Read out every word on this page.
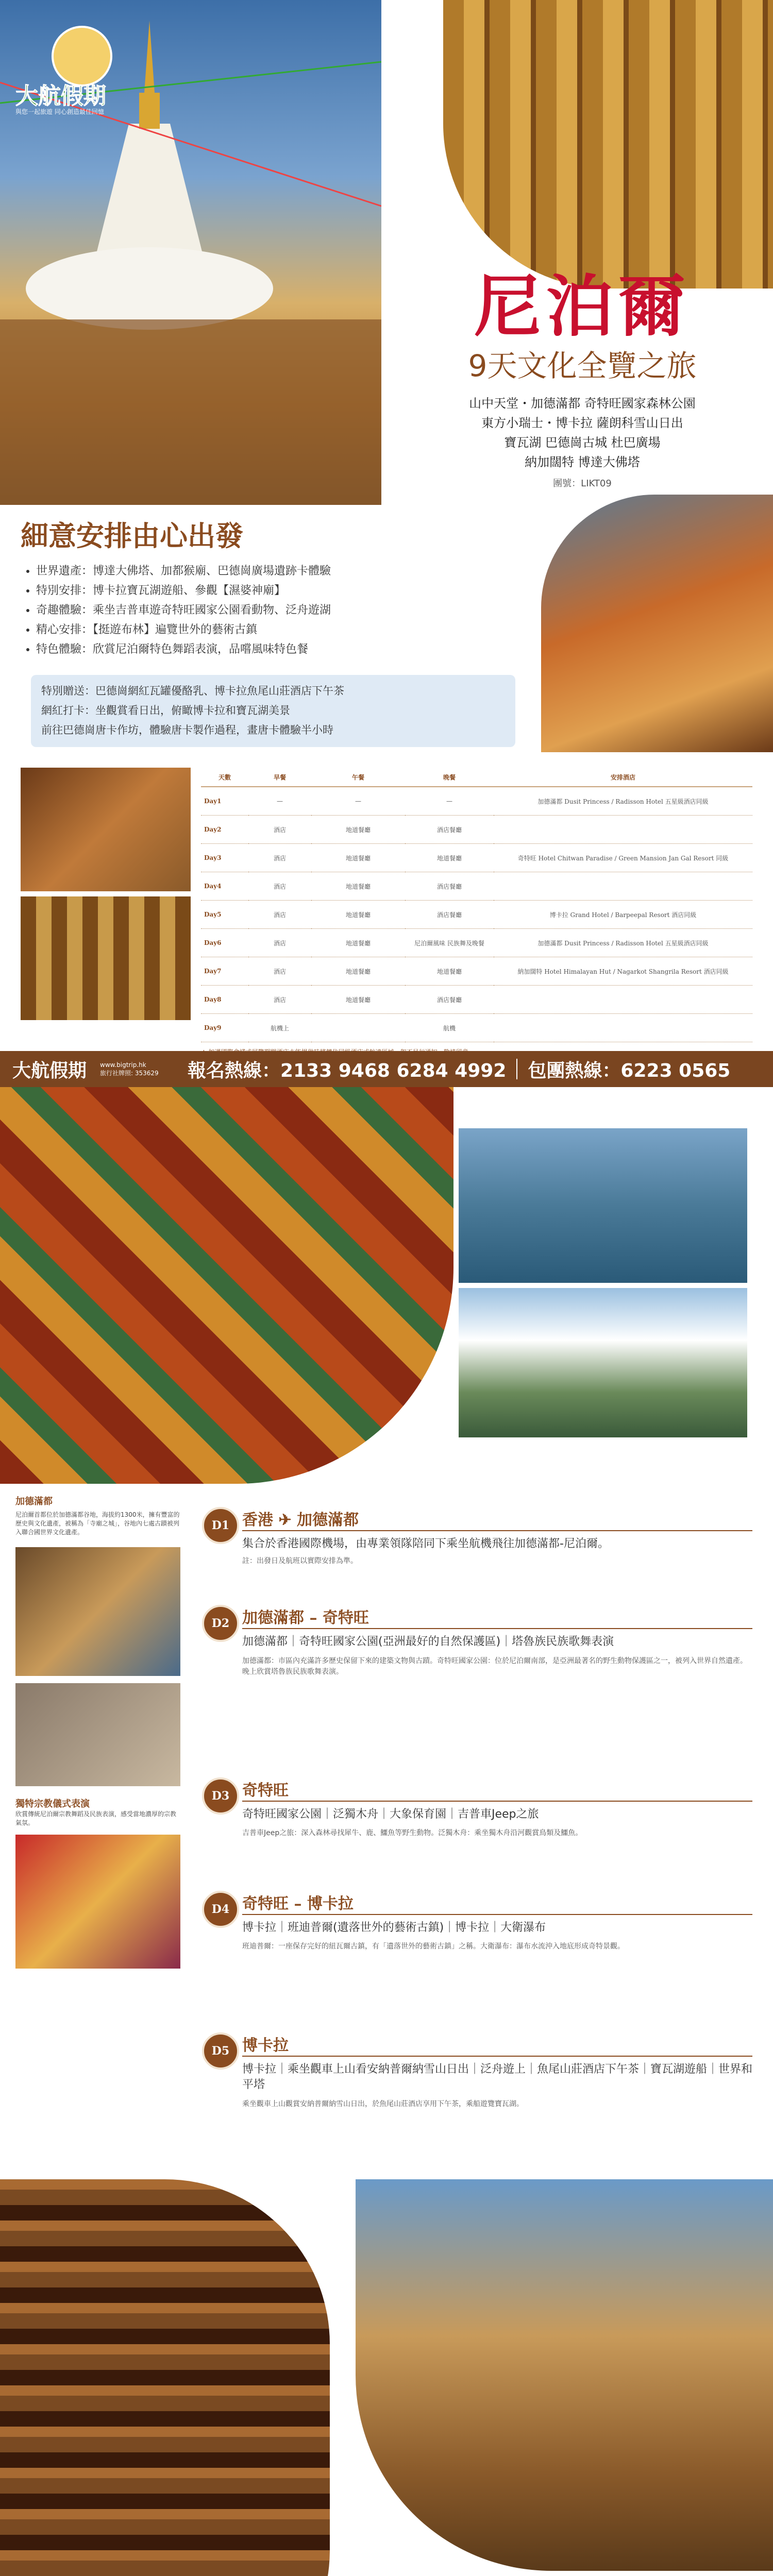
大航假期
與您一起旅遊 同心創造最佳回憶
尼泊爾
9天文化全覽之旅
山中天堂・加德滿都 奇特旺國家森林公園
東方小瑞士・博卡拉 薩朗科雪山日出
寶瓦湖 巴德崗古城 杜巴廣場
納加闊特 博達大佛塔
團號：LIKT09
細意安排由心出發
• 世界遺產：博達大佛塔、加都猴廟、巴德崗廣場遺跡卡體驗
• 特別安排：博卡拉寶瓦湖遊船、參觀【濕婆神廟】
• 奇趣體驗：乘坐吉普車遊奇特旺國家公園看動物、泛舟遊湖
• 精心安排：【挺遊布林】遍覽世外的藝術古鎮
• 特色體驗：欣賞尼泊爾特色舞蹈表演，品嚐風味特色餐
特別贈送：巴德崗網紅瓦罐優酪乳、博卡拉魚尾山莊酒店下午茶
網紅打卡：坐觀賞看日出，俯瞰博卡拉和寶瓦湖美景
前往巴德崗唐卡作坊，體驗唐卡製作過程，畫唐卡體驗半小時
天數	早餐	午餐	晚餐	安排酒店
Day1	—	—	—	加德滿都 Dusit Princess / Radisson Hotel 五星級酒店同級
Day2	酒店	地道餐廳	酒店餐廳	
Day3	酒店	地道餐廳	地道餐廳	奇特旺 Hotel Chitwan Paradise / Green Mansion Jan Gal Resort 同級
Day4	酒店	地道餐廳	酒店餐廳	
Day5	酒店	地道餐廳	酒店餐廳	博卡拉 Grand Hotel / Barpeepal Resort 酒店同級
Day6	酒店	地道餐廳	尼泊爾風味 民族舞及晚餐	加德滿都 Dusit Princess / Radisson Hotel 五星級酒店同級
Day7	酒店	地道餐廳	地道餐廳	納加闊特 Hotel Himalayan Hut / Nagarkot Shangrila Resort 酒店同級
Day8	酒店	地道餐廳	酒店餐廳	
Day9	航機上		航機	
大航假期	www.bigtrip.hk
旅行社牌照: 353629	報名熱線：2133 9468 6284 4992 包團熱線：6223 0565
加德滿都
尼泊爾首都位於加德滿都谷地，海拔約1300米，擁有豐富的歷史與文化遺產，被稱為「寺廟之城」，谷地內七處古蹟被列入聯合國世界文化遺產。
獨特宗教儀式表演
欣賞傳統尼泊爾宗教舞蹈及民族表演，感受當地濃厚的宗教氣氛。
D1 香港 ✈ 加德滿都
集合於香港國際機場，由專業領隊陪同下乘坐航機飛往加德滿都-尼泊爾。
註：出發日及航班以實際安排為準。
D2 加德滿都 – 奇特旺
加德滿都｜奇特旺國家公園(亞洲最好的自然保護區)｜塔魯族民族歌舞表演
加德滿都：市區內充滿許多歷史保留下來的建築文物與古蹟。奇特旺國家公園：位於尼泊爾南部，是亞洲最著名的野生動物保護區之一，被列入世界自然遺產。晚上欣賞塔魯族民族歌舞表演。
D3 奇特旺
奇特旺國家公園｜泛獨木舟｜大象保育園｜吉普車Jeep之旅
吉普車Jeep之旅：深入森林尋找犀牛、鹿、鱷魚等野生動物。泛獨木舟：乘坐獨木舟沿河觀賞鳥類及鱷魚。
D4 奇特旺 – 博卡拉
博卡拉｜班迪普爾(遺落世外的藝術古鎮)｜博卡拉｜大衛瀑布
班迪普爾：一座保存完好的紐瓦爾古鎮，有「遺落世外的藝術古鎮」之稱。大衛瀑布：瀑布水流沖入地底形成奇特景觀。
D5 博卡拉
博卡拉｜乘坐觀車上山看安納普爾納雪山日出｜泛舟遊上｜魚尾山莊酒店下午茶｜寶瓦湖遊船｜世界和平塔
乘坐觀車上山觀賞安納普爾納雪山日出，於魚尾山莊酒店享用下午茶，乘船遊覽寶瓦湖。
